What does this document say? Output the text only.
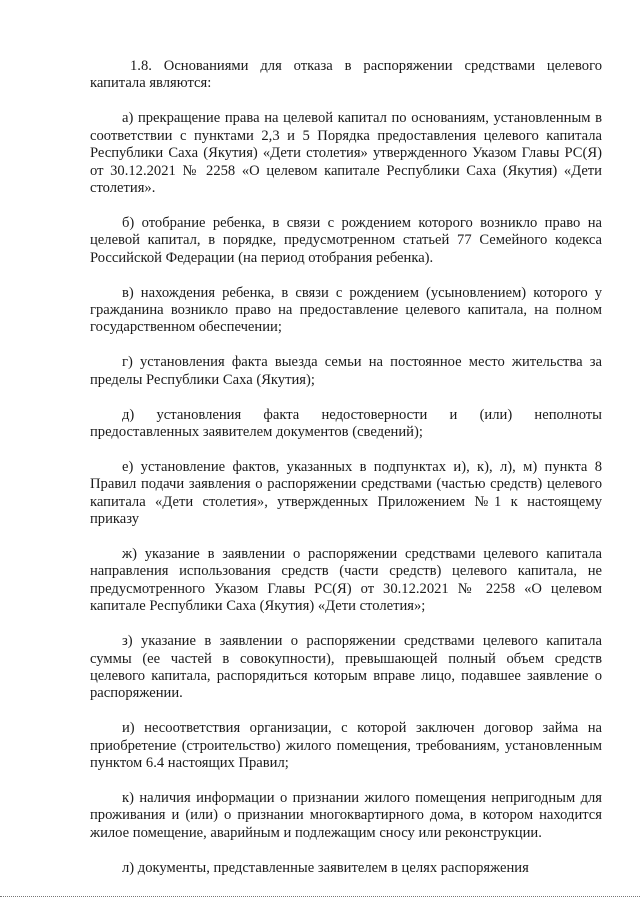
1.8. Основаниями для отказа в распоряжении средствами целевого капитала являются:

а) прекращение права на целевой капитал по основаниям, установленным в соответствии с пунктами 2,3 и 5 Порядка предоставления целевого капитала Республики Саха (Якутия) «Дети столетия» утвержденного Указом Главы РС(Я) от 30.12.2021 № 2258 «О целевом капитале Республики Саха (Якутия) «Дети столетия».

б) отобрание ребенка, в связи с рождением которого возникло право на целевой капитал, в порядке, предусмотренном статьей 77 Семейного кодекса Российской Федерации (на период отобрания ребенка).

в) нахождения ребенка, в связи с рождением (усыновлением) которого у гражданина возникло право на предоставление целевого капитала, на полном государственном обеспечении;

г) установления факта выезда семьи на постоянное место жительства за пределы Республики Саха (Якутия);

д) установления факта недостоверности и (или) неполноты предоставленных заявителем документов (сведений);

е) установление фактов, указанных в подпунктах и), к), л), м) пункта 8 Правил подачи заявления о распоряжении средствами (частью средств) целевого капитала «Дети столетия», утвержденных Приложением №1 к настоящему приказу

ж) указание в заявлении о распоряжении средствами целевого капитала направления использования средств (части средств) целевого капитала, не предусмотренного Указом Главы РС(Я) от 30.12.2021 № 2258 «О целевом капитале Республики Саха (Якутия) «Дети столетия»;

з) указание в заявлении о распоряжении средствами целевого капитала суммы (ее частей в совокупности), превышающей полный объем средств целевого капитала, распорядиться которым вправе лицо, подавшее заявление о распоряжении.

и) несоответствия организации, с которой заключен договор займа на приобретение (строительство) жилого помещения, требованиям, установленным пунктом 6.4 настоящих Правил;

к) наличия информации о признании жилого помещения непригодным для проживания и (или) о признании многоквартирного дома, в котором находится жилое помещение, аварийным и подлежащим сносу или реконструкции.

л) документы, представленные заявителем в целях распоряжения
